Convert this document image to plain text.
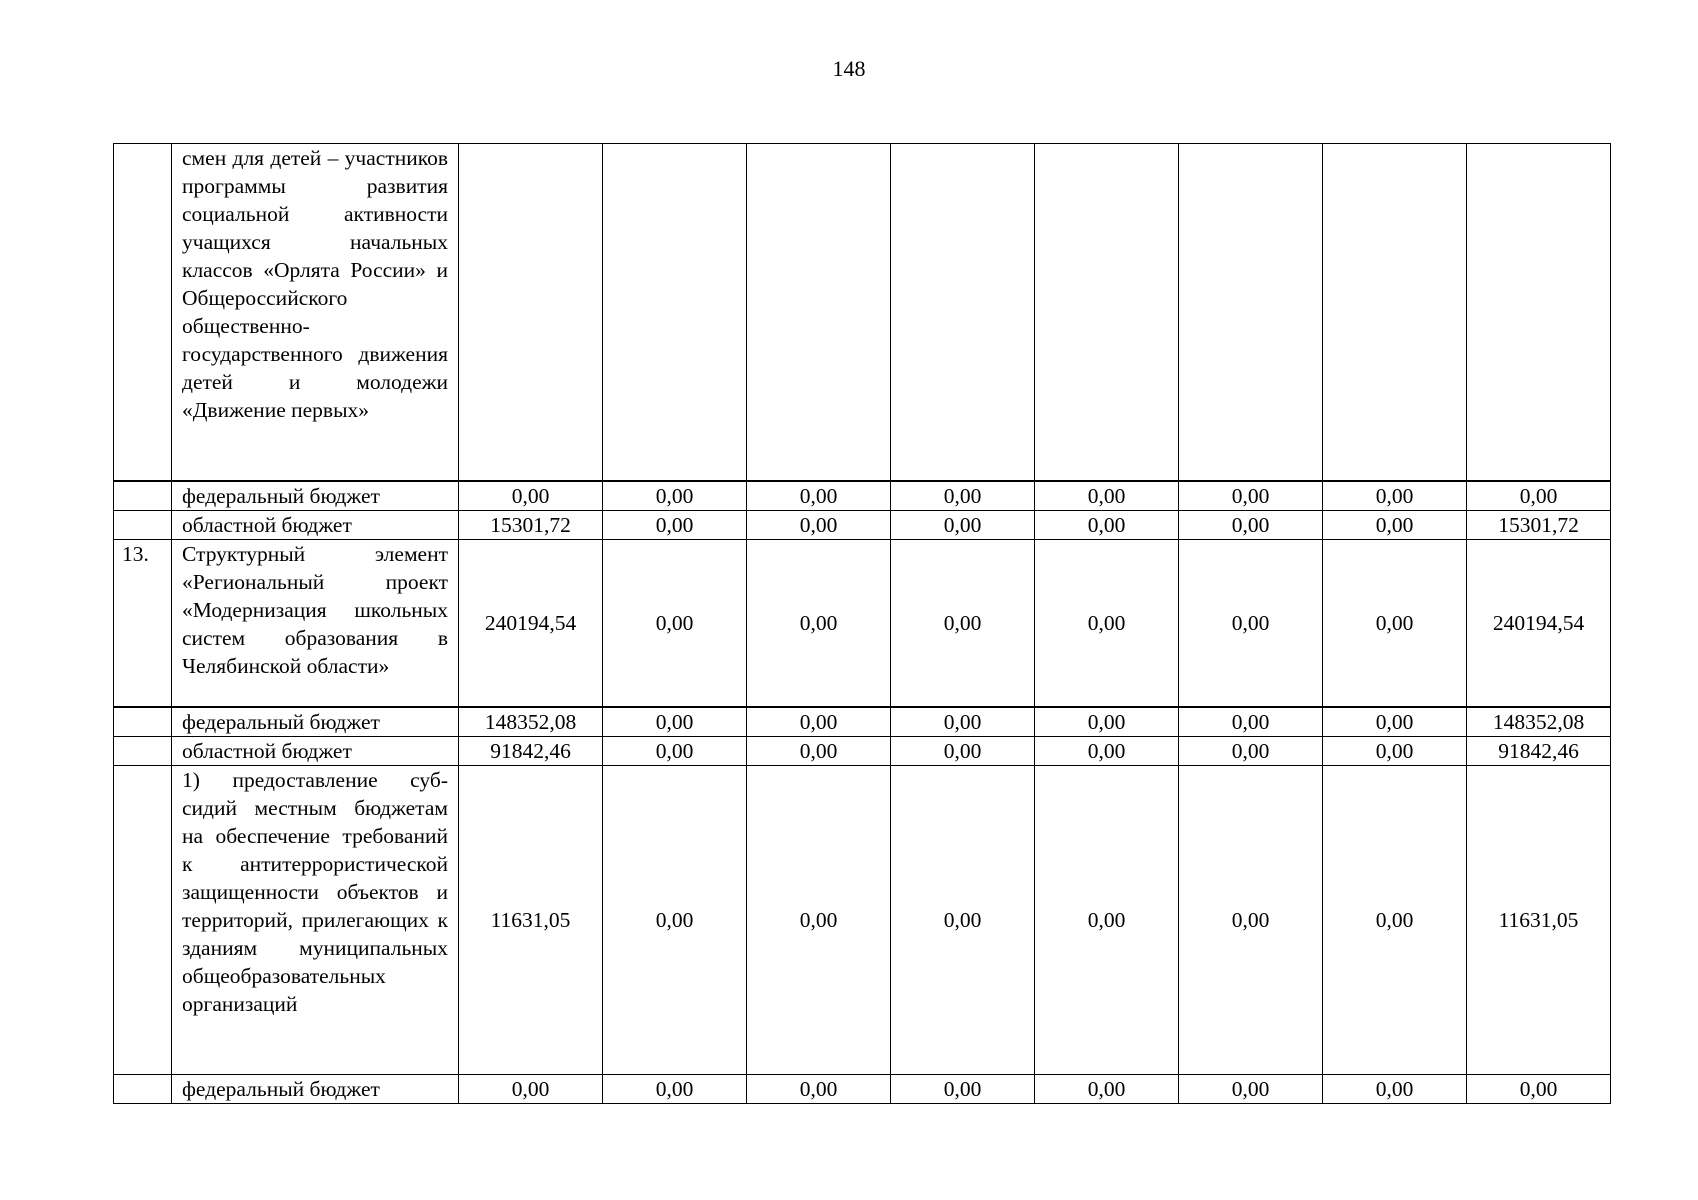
148
	смен для детей – участников программы развития социальной активности учащихся начальных классов «Орлята России» и Общероссийского общественно-государственного движения детей и молодежи «Движение первых»								
	федеральный бюджет	0,00	0,00	0,00	0,00	0,00	0,00	0,00	0,00
	областной бюджет	15301,72	0,00	0,00	0,00	0,00	0,00	0,00	15301,72
13.	Структурный элемент «Региональный проект «Модернизация школьных систем образования в Челябинской области»	240194,54	0,00	0,00	0,00	0,00	0,00	0,00	240194,54
	федеральный бюджет	148352,08	0,00	0,00	0,00	0,00	0,00	0,00	148352,08
	областной бюджет	91842,46	0,00	0,00	0,00	0,00	0,00	0,00	91842,46
	1) предоставление суб-сидий местным бюджетам на обеспечение требований к антитеррористической защищенности объектов и территорий, прилегающих к зданиям муниципальных общеобразовательных организаций	11631,05	0,00	0,00	0,00	0,00	0,00	0,00	11631,05
	федеральный бюджет	0,00	0,00	0,00	0,00	0,00	0,00	0,00	0,00
